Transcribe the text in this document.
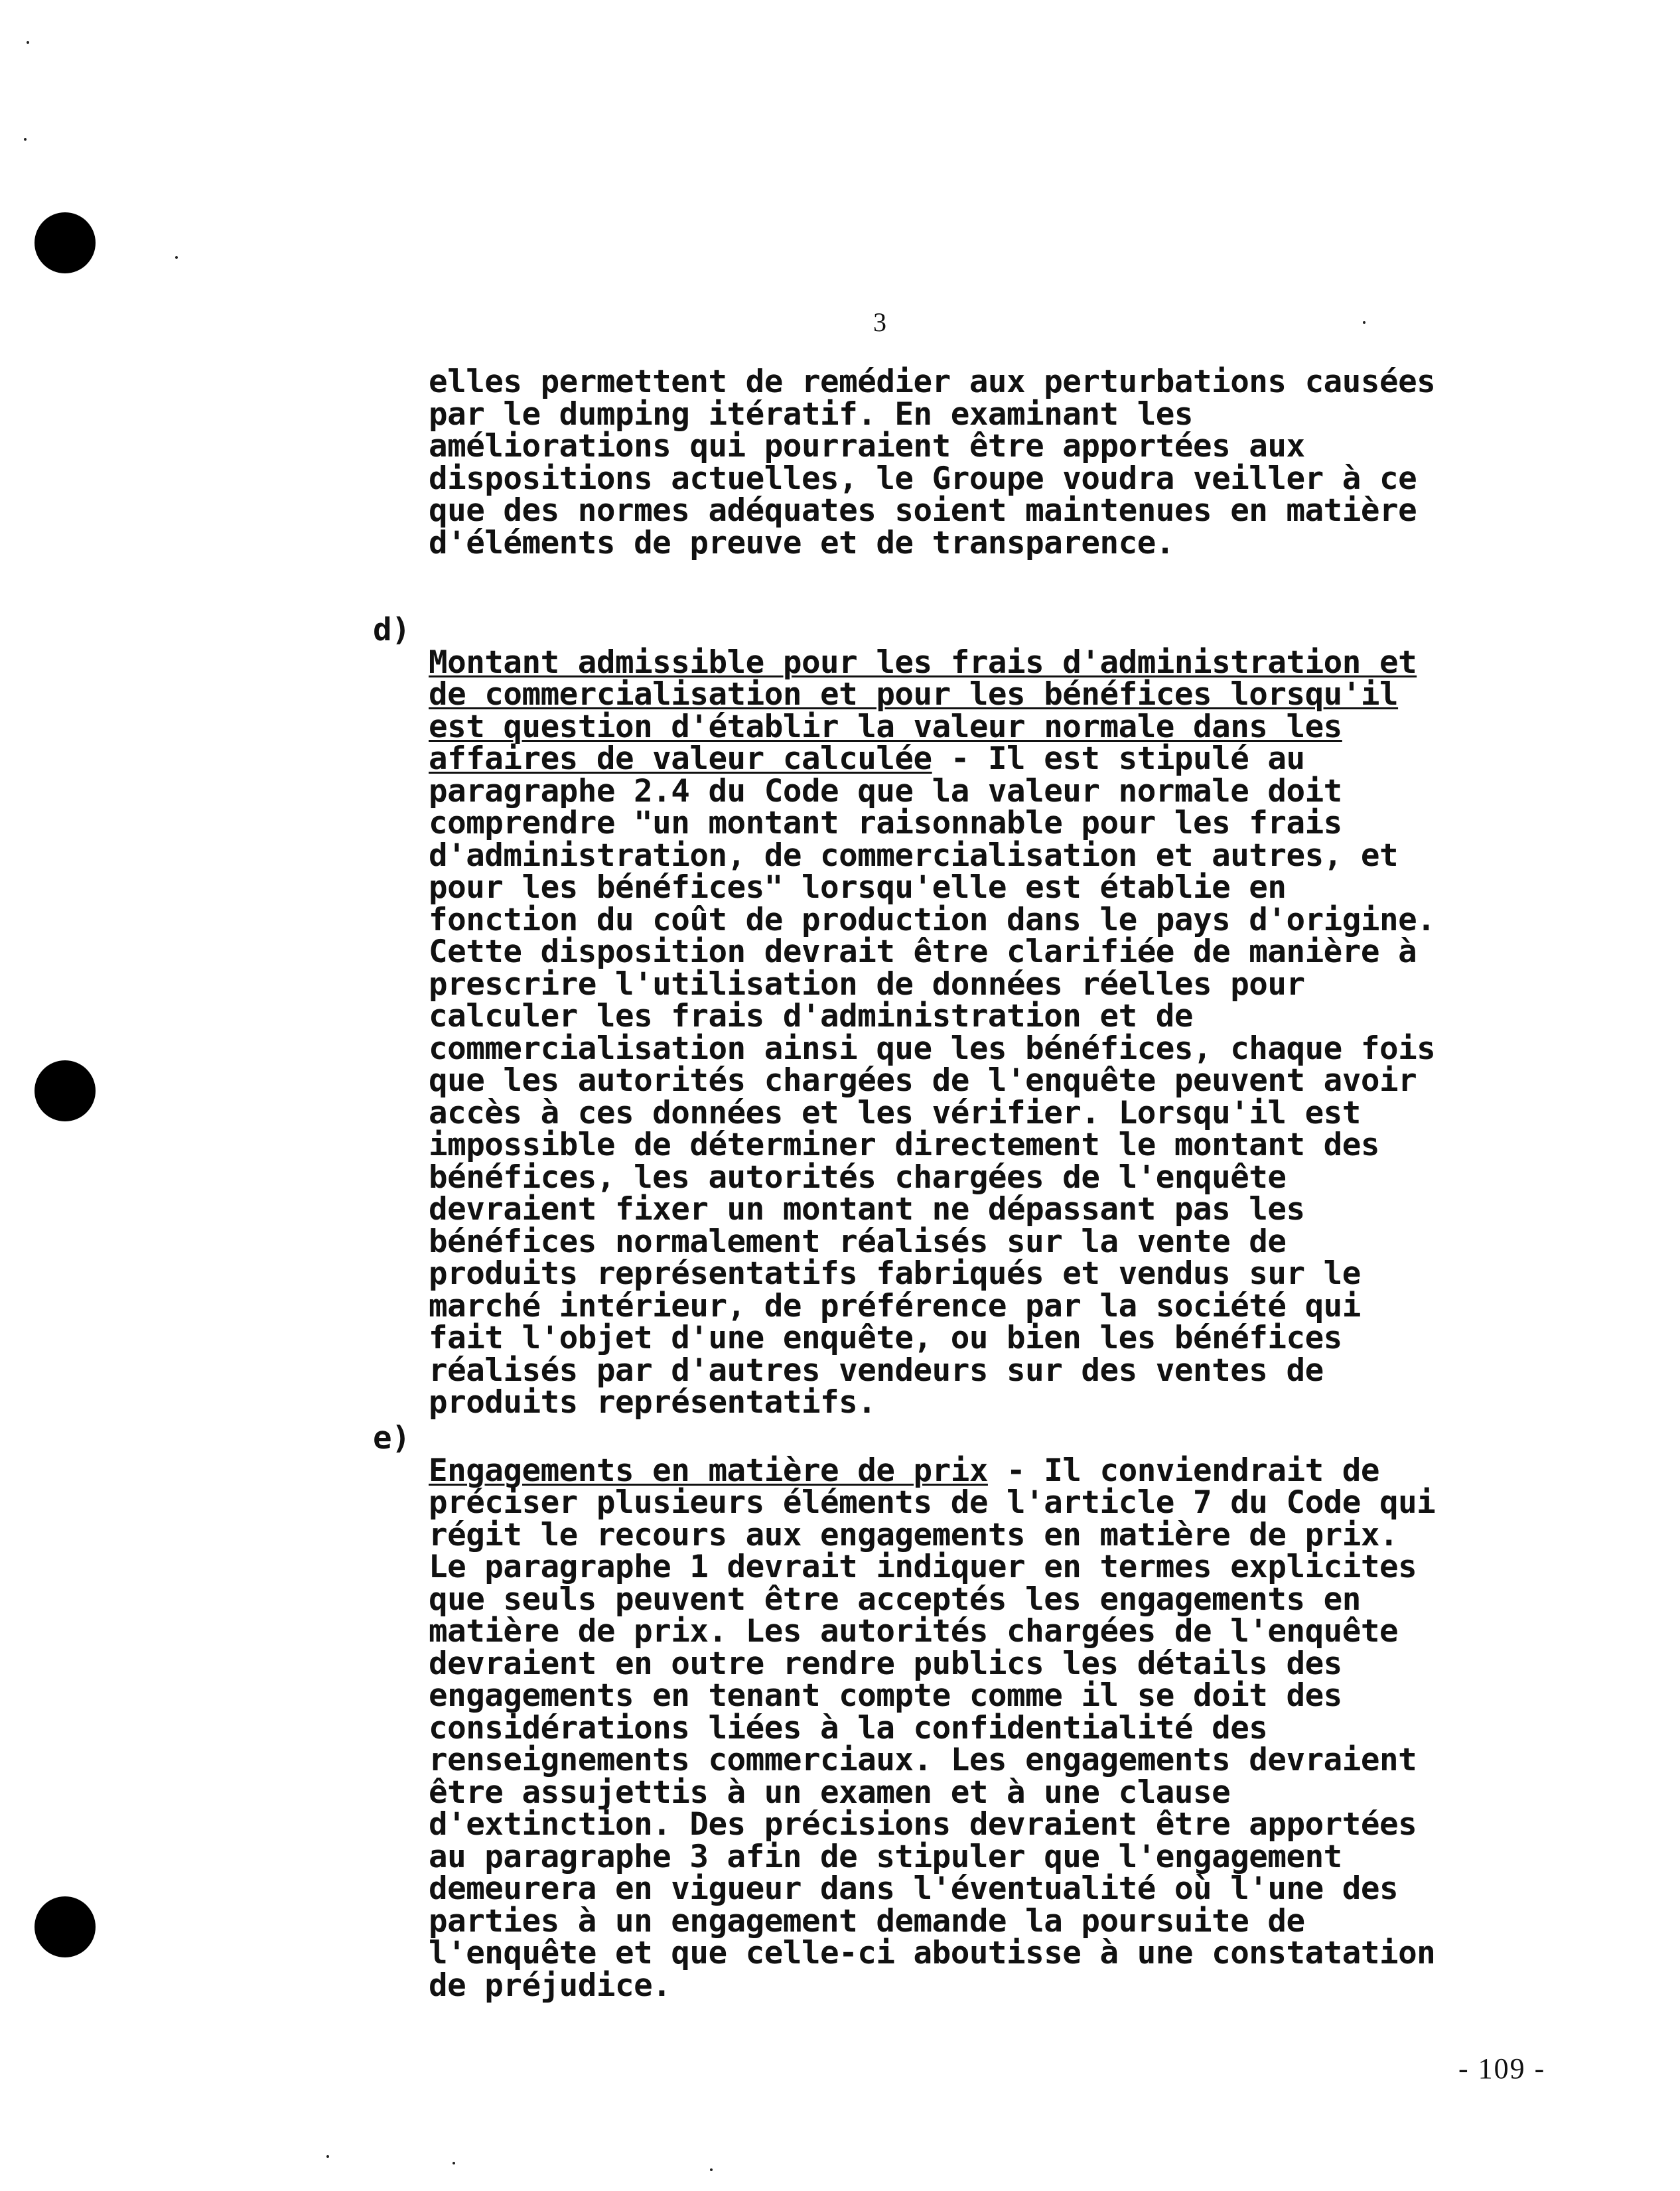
3
elles permettent de remédier aux perturbations causées
par le dumping itératif. En examinant les
améliorations qui pourraient être apportées aux
dispositions actuelles, le Groupe voudra veiller à ce
que des normes adéquates soient maintenues en matière
d'éléments de preuve et de transparence.

d)
Montant admissible pour les frais d'administration et
de commercialisation et pour les bénéfices lorsqu'il
est question d'établir la valeur normale dans les
affaires de valeur calculée - Il est stipulé au
paragraphe 2.4 du Code que la valeur normale doit
comprendre "un montant raisonnable pour les frais
d'administration, de commercialisation et autres, et
pour les bénéfices" lorsqu'elle est établie en
fonction du coût de production dans le pays d'origine.
Cette disposition devrait être clarifiée de manière à
prescrire l'utilisation de données réelles pour
calculer les frais d'administration et de
commercialisation ainsi que les bénéfices, chaque fois
que les autorités chargées de l'enquête peuvent avoir
accès à ces données et les vérifier. Lorsqu'il est
impossible de déterminer directement le montant des
bénéfices, les autorités chargées de l'enquête
devraient fixer un montant ne dépassant pas les
bénéfices normalement réalisés sur la vente de
produits représentatifs fabriqués et vendus sur le
marché intérieur, de préférence par la société qui
fait l'objet d'une enquête, ou bien les bénéfices
réalisés par d'autres vendeurs sur des ventes de
produits représentatifs.

e)
Engagements en matière de prix - Il conviendrait de
préciser plusieurs éléments de l'article 7 du Code qui
régit le recours aux engagements en matière de prix.
Le paragraphe 1 devrait indiquer en termes explicites
que seuls peuvent être acceptés les engagements en
matière de prix. Les autorités chargées de l'enquête
devraient en outre rendre publics les détails des
engagements en tenant compte comme il se doit des
considérations liées à la confidentialité des
renseignements commerciaux. Les engagements devraient
être assujettis à un examen et à une clause
d'extinction. Des précisions devraient être apportées
au paragraphe 3 afin de stipuler que l'engagement
demeurera en vigueur dans l'éventualité où l'une des
parties à un engagement demande la poursuite de
l'enquête et que celle-ci aboutisse à une constatation
de préjudice.

- 109 -
